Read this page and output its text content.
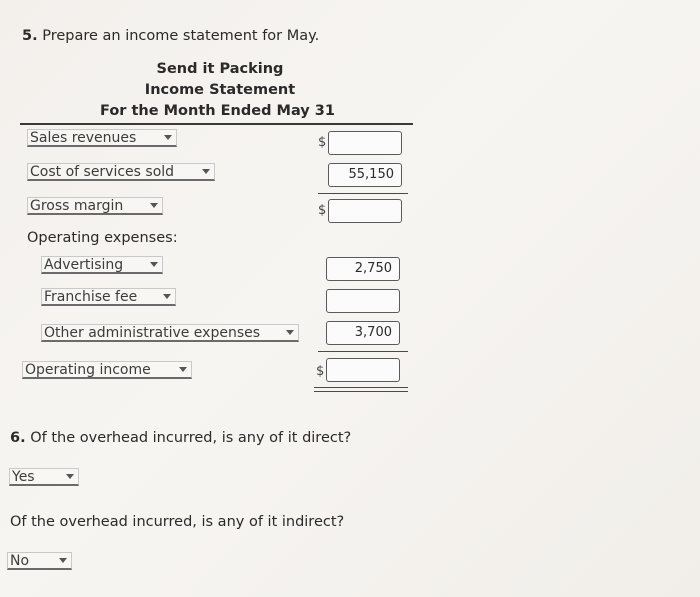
5. Prepare an income statement for May.
Send it Packing
Income Statement
For the Month Ended May 31
Sales revenues	$
Cost of services sold	55,150
Gross margin	$
Operating expenses:
Advertising	2,750
Franchise fee
Other administrative expenses	3,700
Operating income	$
6. Of the overhead incurred, is any of it direct?
Yes
Of the overhead incurred, is any of it indirect?
No
